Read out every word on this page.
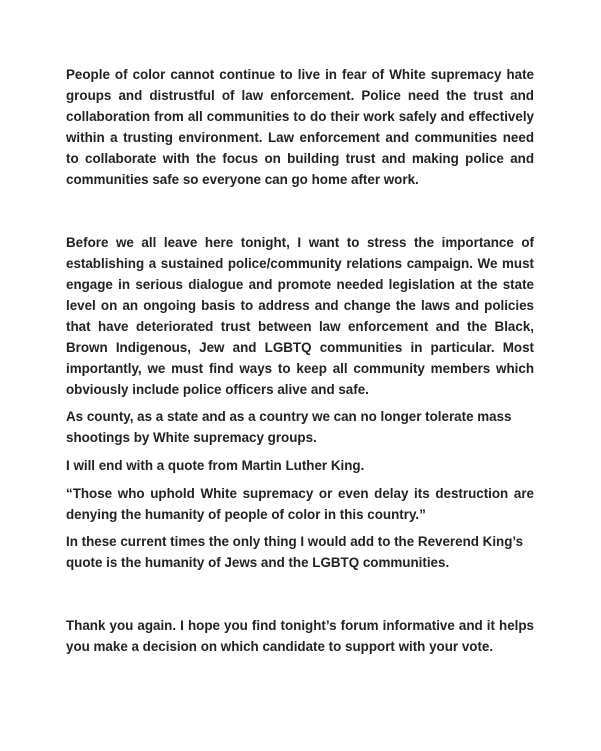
People of color cannot continue to live in fear of White supremacy hate groups and distrustful of law enforcement. Police need the trust and collaboration from all communities to do their work safely and effectively within a trusting environment. Law enforcement and communities need to collaborate with the focus on building trust and making police and communities safe so everyone can go home after work.

Before we all leave here tonight, I want to stress the importance of establishing a sustained police/community relations campaign. We must engage in serious dialogue and promote needed legislation at the state level on an ongoing basis to address and change the laws and policies that have deteriorated trust between law enforcement and the Black, Brown Indigenous, Jew and LGBTQ communities in particular. Most importantly, we must find ways to keep all community members which obviously include police officers alive and safe.

As county, as a state and as a country we can no longer tolerate mass shootings by White supremacy groups.

I will end with a quote from Martin Luther King.

“Those who uphold White supremacy or even delay its destruction are denying the humanity of people of color in this country.”

In these current times the only thing I would add to the Reverend King’s quote is the humanity of Jews and the LGBTQ communities.

Thank you again. I hope you find tonight’s forum informative and it helps you make a decision on which candidate to support with your vote.
